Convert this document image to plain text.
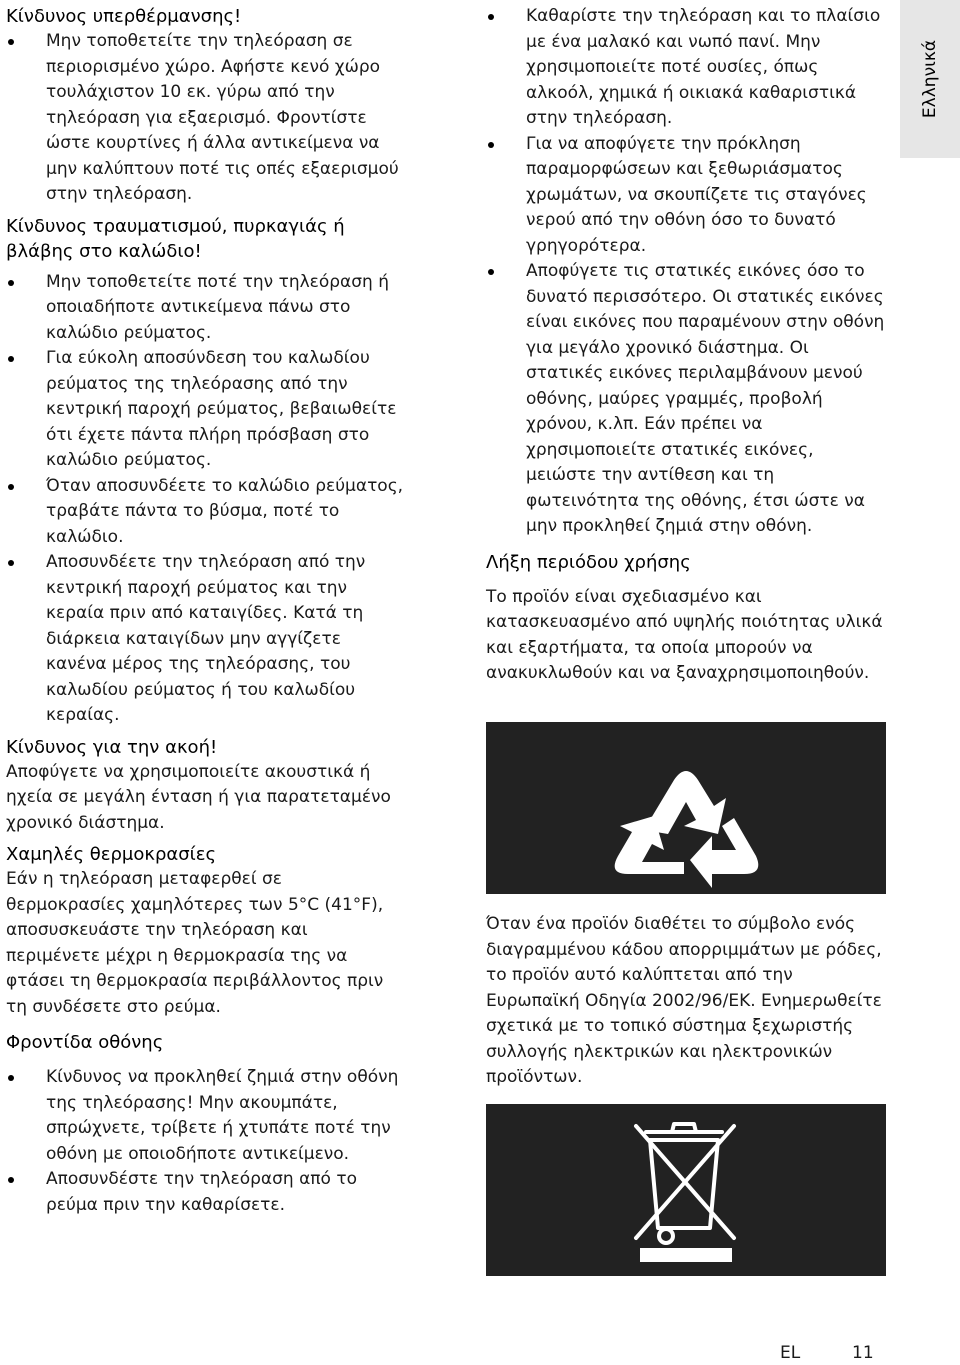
Ελληνικά
Κίνδυνος υπερθέρμανσης!
Μην τοποθετείτε την τηλεόραση σε περιορισμένο χώρο. Αφήστε κενό χώρο τουλάχιστον 10 εκ. γύρω από την τηλεόραση για εξαερισμό. Φροντίστε ώστε κουρτίνες ή άλλα αντικείμενα να μην καλύπτουν ποτέ τις οπές εξαερισμού στην τηλεόραση.
Κίνδυνος τραυματισμού, πυρκαγιάς ή βλάβης στο καλώδιο!
Μην τοποθετείτε ποτέ την τηλεόραση ή οποιαδήποτε αντικείμενα πάνω στο καλώδιο ρεύματος.
Για εύκολη αποσύνδεση του καλωδίου ρεύματος της τηλεόρασης από την κεντρική παροχή ρεύματος, βεβαιωθείτε ότι έχετε πάντα πλήρη πρόσβαση στο καλώδιο ρεύματος.
Όταν αποσυνδέετε το καλώδιο ρεύματος, τραβάτε πάντα το βύσμα, ποτέ το καλώδιο.
Αποσυνδέετε την τηλεόραση από την κεντρική παροχή ρεύματος και την κεραία πριν από καταιγίδες. Κατά τη διάρκεια καταιγίδων μην αγγίζετε κανένα μέρος της τηλεόρασης, του καλωδίου ρεύματος ή του καλωδίου κεραίας.
Κίνδυνος για την ακοή!

Αποφύγετε να χρησιμοποιείτε ακουστικά ή ηχεία σε μεγάλη ένταση ή για παρατεταμένο χρονικό διάστημα.

Χαμηλές θερμοκρασίες

Εάν η τηλεόραση μεταφερθεί σε θερμοκρασίες χαμηλότερες των 5°C (41°F), αποσυσκευάστε την τηλεόραση και περιμένετε μέχρι η θερμοκρασία της να φτάσει τη θερμοκρασία περιβάλλοντος πριν τη συνδέσετε στο ρεύμα.

Φροντίδα οθόνης
Κίνδυνος να προκληθεί ζημιά στην οθόνη της τηλεόρασης! Μην ακουμπάτε, σπρώχνετε, τρίβετε ή χτυπάτε ποτέ την οθόνη με οποιοδήποτε αντικείμενο.
Αποσυνδέστε την τηλεόραση από το ρεύμα πριν την καθαρίσετε.
Καθαρίστε την τηλεόραση και το πλαίσιο με ένα μαλακό και νωπό πανί. Μην χρησιμοποιείτε ποτέ ουσίες, όπως αλκοόλ, χημικά ή οικιακά καθαριστικά στην τηλεόραση.
Για να αποφύγετε την πρόκληση παραμορφώσεων και ξεθωριάσματος χρωμάτων, να σκουπίζετε τις σταγόνες νερού από την οθόνη όσο το δυνατό γρηγορότερα.
Αποφύγετε τις στατικές εικόνες όσο το δυνατό περισσότερο. Οι στατικές εικόνες είναι εικόνες που παραμένουν στην οθόνη για μεγάλο χρονικό διάστημα. Οι στατικές εικόνες περιλαμβάνουν μενού οθόνης, μαύρες γραμμές, προβολή χρόνου, κ.λπ. Εάν πρέπει να χρησιμοποιείτε στατικές εικόνες, μειώστε την αντίθεση και τη φωτεινότητα της οθόνης, έτσι ώστε να μην προκληθεί ζημιά στην οθόνη.
Λήξη περιόδου χρήσης

Το προϊόν είναι σχεδιασμένο και κατασκευασμένο από υψηλής ποιότητας υλικά και εξαρτήματα, τα οποία μπορούν να ανακυκλωθούν και να ξαναχρησιμοποιηθούν.

Όταν ένα προϊόν διαθέτει το σύμβολο ενός διαγραμμένου κάδου απορριμμάτων με ρόδες, το προϊόν αυτό καλύπτεται από την Ευρωπαϊκή Οδηγία 2002/96/ΕΚ. Ενημερωθείτε σχετικά με το τοπικό σύστημα ξεχωριστής συλλογής ηλεκτρικών και ηλεκτρονικών προϊόντων.

EL	11
